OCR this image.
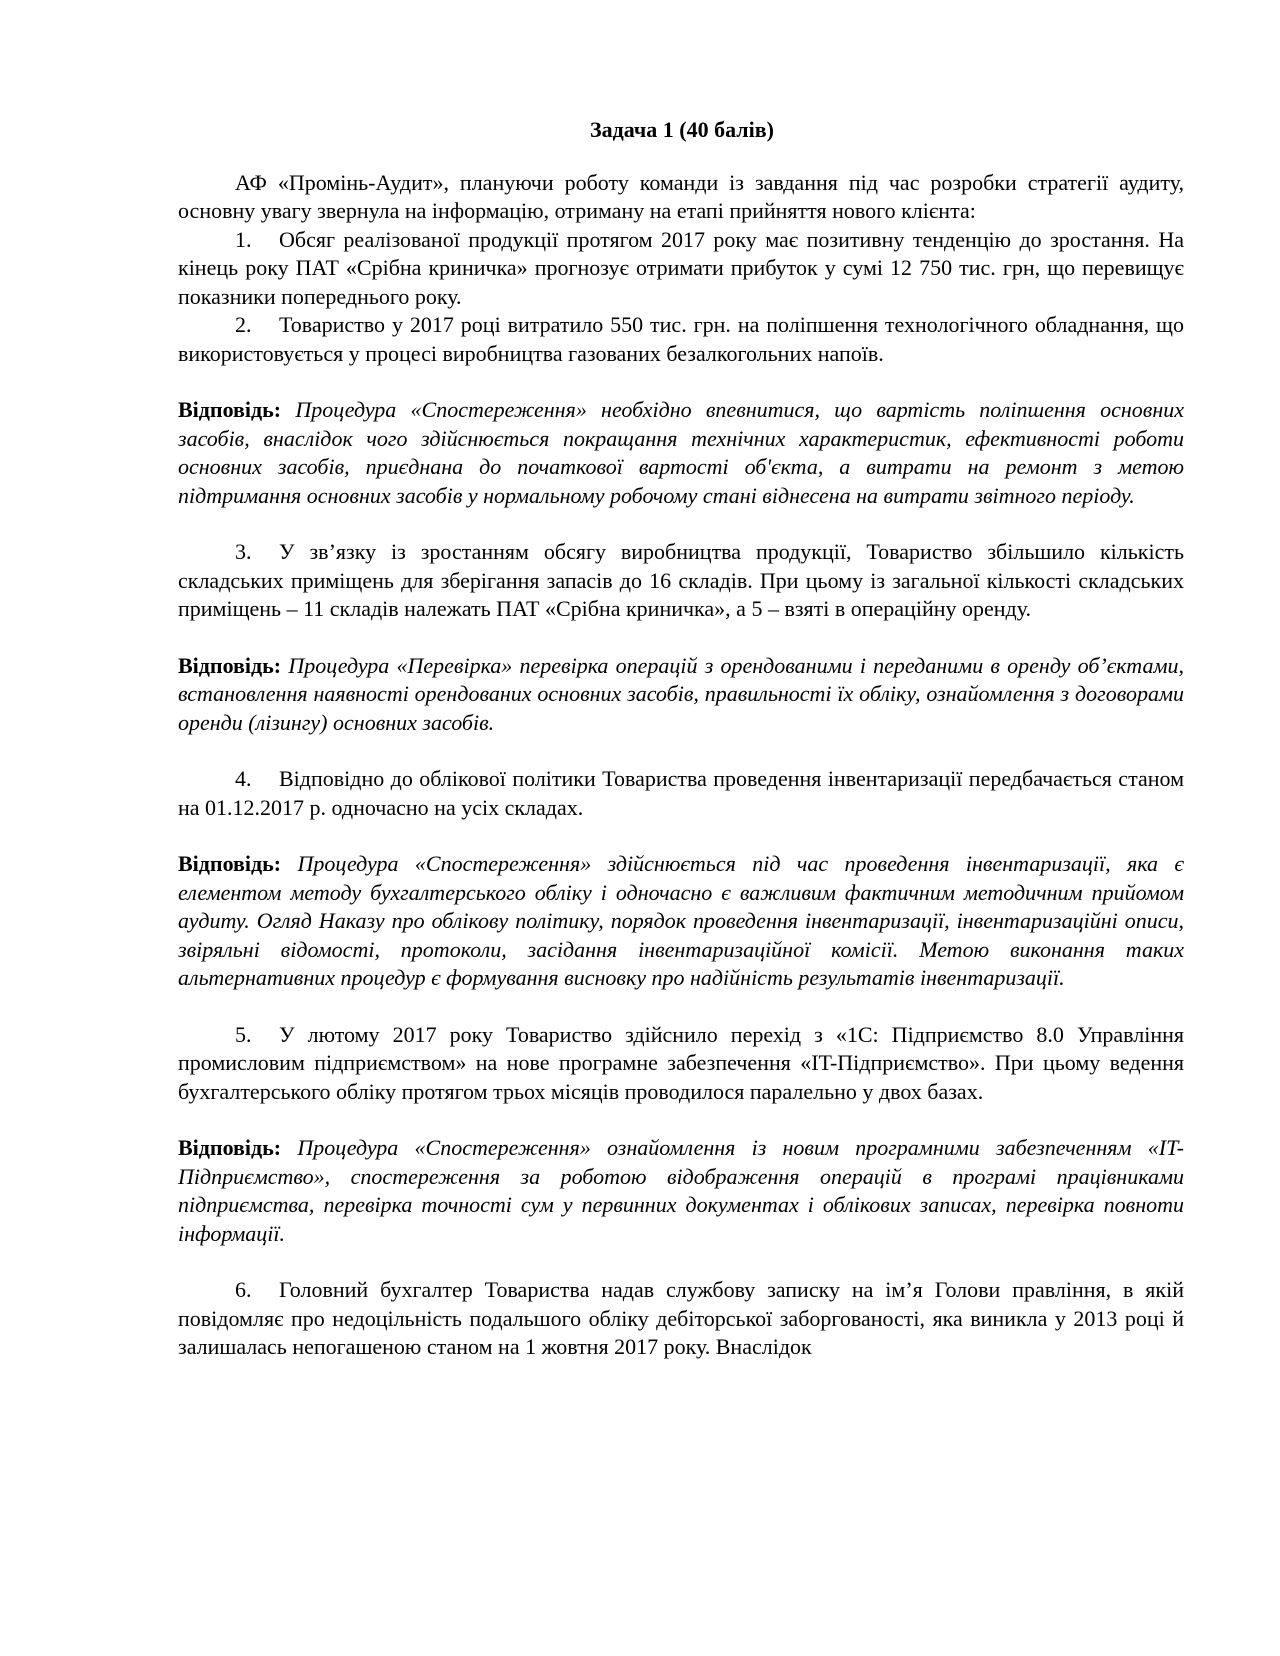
Задача 1 (40 балів)

АФ «Промінь-Аудит», плануючи роботу команди із завдання під час розробки стратегії аудиту, основну увагу звернула на інформацію, отриману на етапі прийняття нового клієнта:

1. Обсяг реалізованої продукції протягом 2017 року має позитивну тенденцію до зростання. На кінець року ПАТ «Срібна криничка» прогнозує отримати прибуток у сумі 12 750 тис. грн, що перевищує показники попереднього року.

2. Товариство у 2017 році витратило 550 тис. грн. на поліпшення технологічного обладнання, що використовується у процесі виробництва газованих безалкогольних напоїв.

Відповідь: Процедура «Спостереження» необхідно впевнитися, що вартість поліпшення основних засобів, внаслідок чого здійснюється покращання технічних характеристик, ефективності роботи основних засобів, приєднана до початкової вартості об'єкта, а витрати на ремонт з метою підтримання основних засобів у нормальному робочому стані віднесена на витрати звітного періоду.

3. У зв’язку із зростанням обсягу виробництва продукції, Товариство збільшило кількість складських приміщень для зберігання запасів до 16 складів. При цьому із загальної кількості складських приміщень – 11 складів належать ПАТ «Срібна криничка», а 5 – взяті в операційну оренду.

Відповідь: Процедура «Перевірка» перевірка операцій з орендованими і переданими в оренду об’єктами, встановлення наявності орендованих основних засобів, правильності їх обліку, ознайомлення з договорами оренди (лізингу) основних засобів.

4. Відповідно до облікової політики Товариства проведення інвентаризації передбачається станом на 01.12.2017 р. одночасно на усіх складах.

Відповідь: Процедура «Спостереження» здійснюється під час проведення інвентаризації, яка є елементом методу бухгалтерського обліку і одночасно є важливим фактичним методичним прийомом аудиту. Огляд Наказу про облікову політику, порядок проведення інвентаризації, інвентаризаційні описи, звіряльні відомості, протоколи, засідання інвентаризаційної комісії. Метою виконання таких альтернативних процедур є формування висновку про надійність результатів інвентаризації.

5. У лютому 2017 року Товариство здійснило перехід з «1С: Підприємство 8.0 Управління промисловим підприємством» на нове програмне забезпечення «IT-Підприємство». При цьому ведення бухгалтерського обліку протягом трьох місяців проводилося паралельно у двох базах.

Відповідь: Процедура «Спостереження» ознайомлення із новим програмними забезпеченням «IT-Підприємство», спостереження за роботою відображення операцій в програмі працівниками підприємства, перевірка точності сум у первинних документах і облікових записах, перевірка повноти інформації.

6. Головний бухгалтер Товариства надав службову записку на ім’я Голови правління, в якій повідомляє про недоцільність подальшого обліку дебіторської заборгованості, яка виникла у 2013 році й залишалась непогашеною станом на 1 жовтня 2017 року. Внаслідок
